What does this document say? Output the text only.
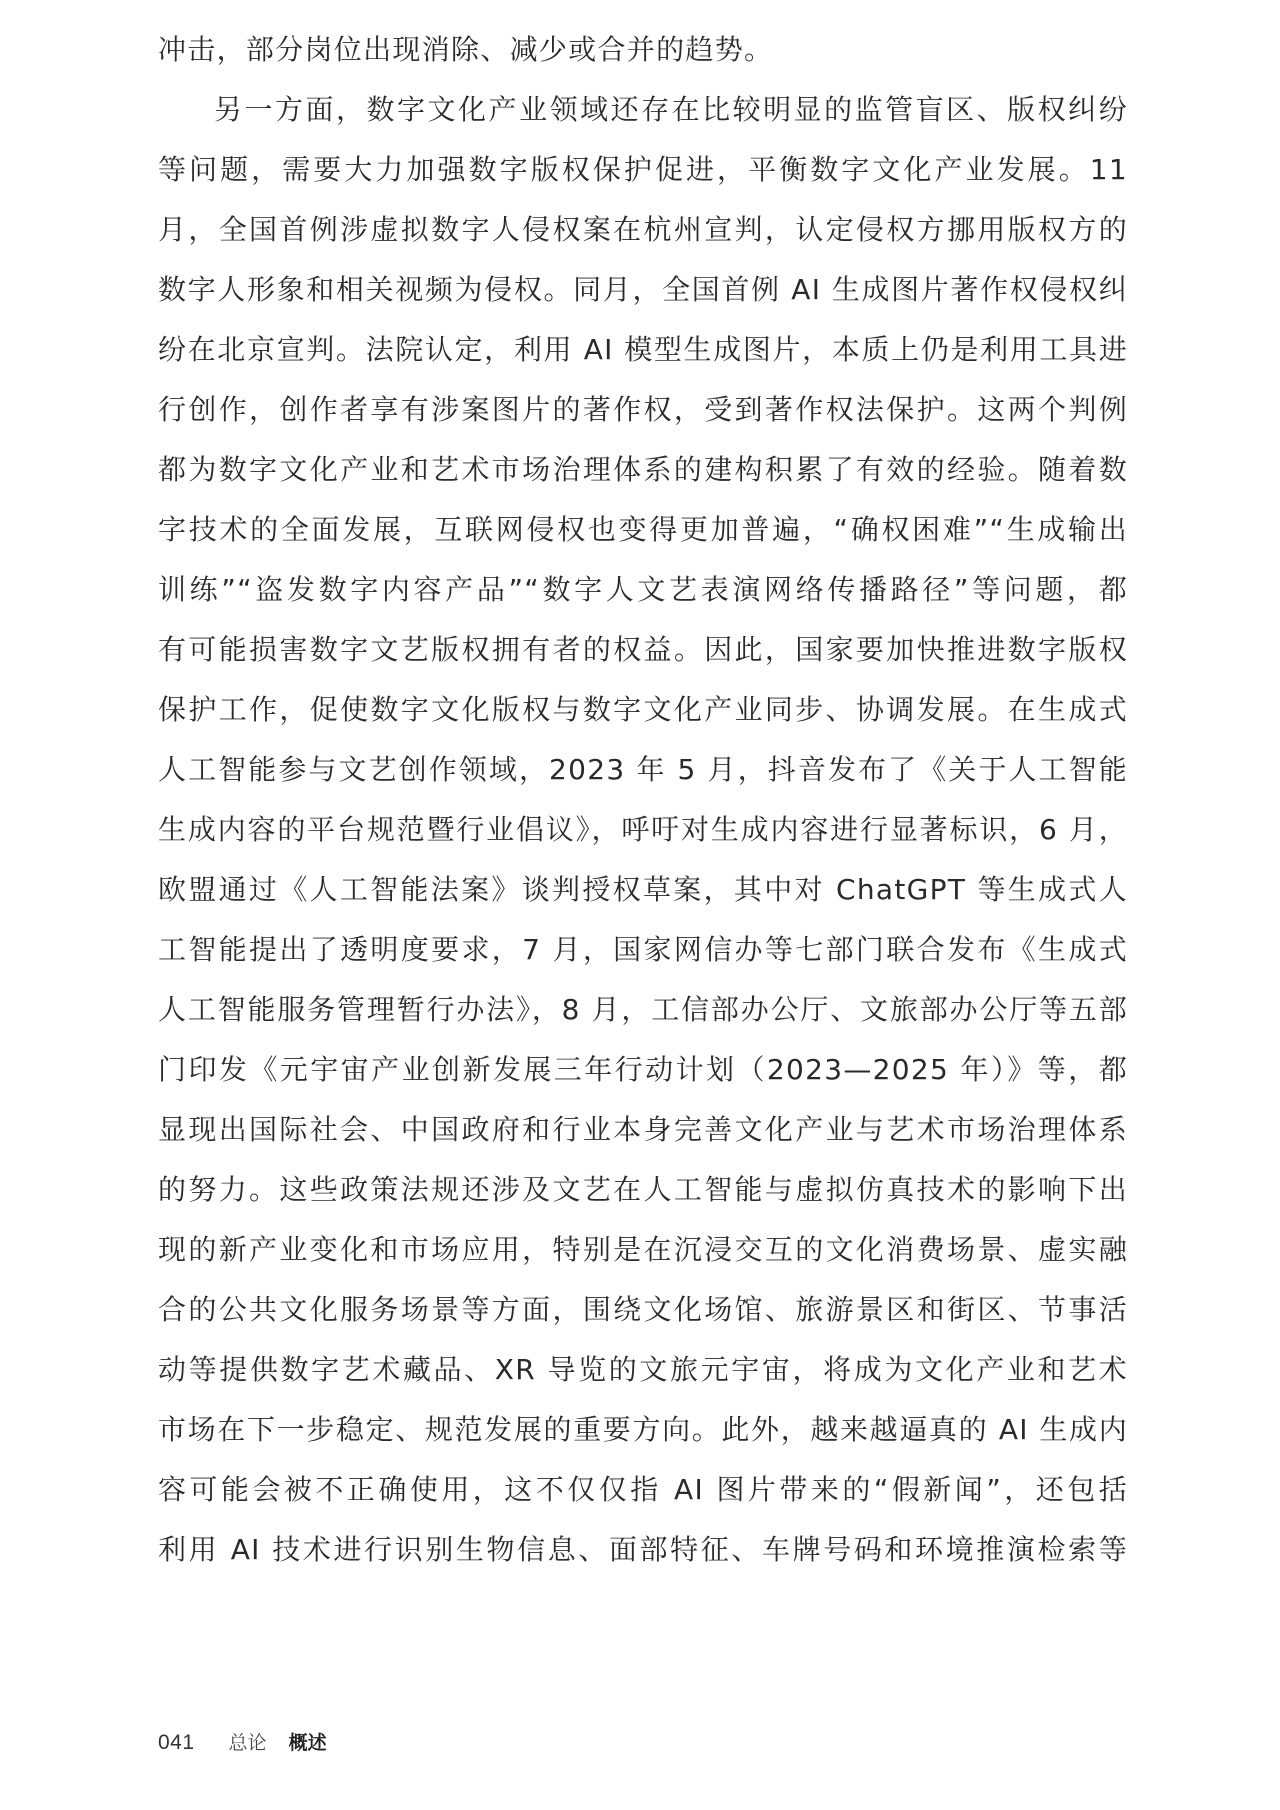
冲击，部分岗位出现消除、减少或合并的趋势。
另一方面，数字文化产业领域还存在比较明显的监管盲区、版权纠纷
等问题，需要大力加强数字版权保护促进，平衡数字文化产业发展。11
月，全国首例涉虚拟数字人侵权案在杭州宣判，认定侵权方挪用版权方的
数字人形象和相关视频为侵权。同月，全国首例 AI 生成图片著作权侵权纠
纷在北京宣判。法院认定，利用 AI 模型生成图片，本质上仍是利用工具进
行创作，创作者享有涉案图片的著作权，受到著作权法保护。这两个判例
都为数字文化产业和艺术市场治理体系的建构积累了有效的经验。随着数
字技术的全面发展，互联网侵权也变得更加普遍，“确权困难”“生成输出
训练”“盗发数字内容产品”“数字人文艺表演网络传播路径”等问题，都
有可能损害数字文艺版权拥有者的权益。因此，国家要加快推进数字版权
保护工作，促使数字文化版权与数字文化产业同步、协调发展。在生成式
人工智能参与文艺创作领域，2023 年 5 月，抖音发布了《关于人工智能
生成内容的平台规范暨行业倡议》，呼吁对生成内容进行显著标识，6 月，
欧盟通过《人工智能法案》谈判授权草案，其中对 ChatGPT 等生成式人
工智能提出了透明度要求，7 月，国家网信办等七部门联合发布《生成式
人工智能服务管理暂行办法》，8 月，工信部办公厅、文旅部办公厅等五部
门印发《元宇宙产业创新发展三年行动计划（2023—2025 年）》等，都
显现出国际社会、中国政府和行业本身完善文化产业与艺术市场治理体系
的努力。这些政策法规还涉及文艺在人工智能与虚拟仿真技术的影响下出
现的新产业变化和市场应用，特别是在沉浸交互的文化消费场景、虚实融
合的公共文化服务场景等方面，围绕文化场馆、旅游景区和街区、节事活
动等提供数字艺术藏品、XR 导览的文旅元宇宙，将成为文化产业和艺术
市场在下一步稳定、规范发展的重要方向。此外，越来越逼真的 AI 生成内
容可能会被不正确使用，这不仅仅指 AI 图片带来的“假新闻”，还包括
利用 AI 技术进行识别生物信息、面部特征、车牌号码和环境推演检索等
041 总论 概述
